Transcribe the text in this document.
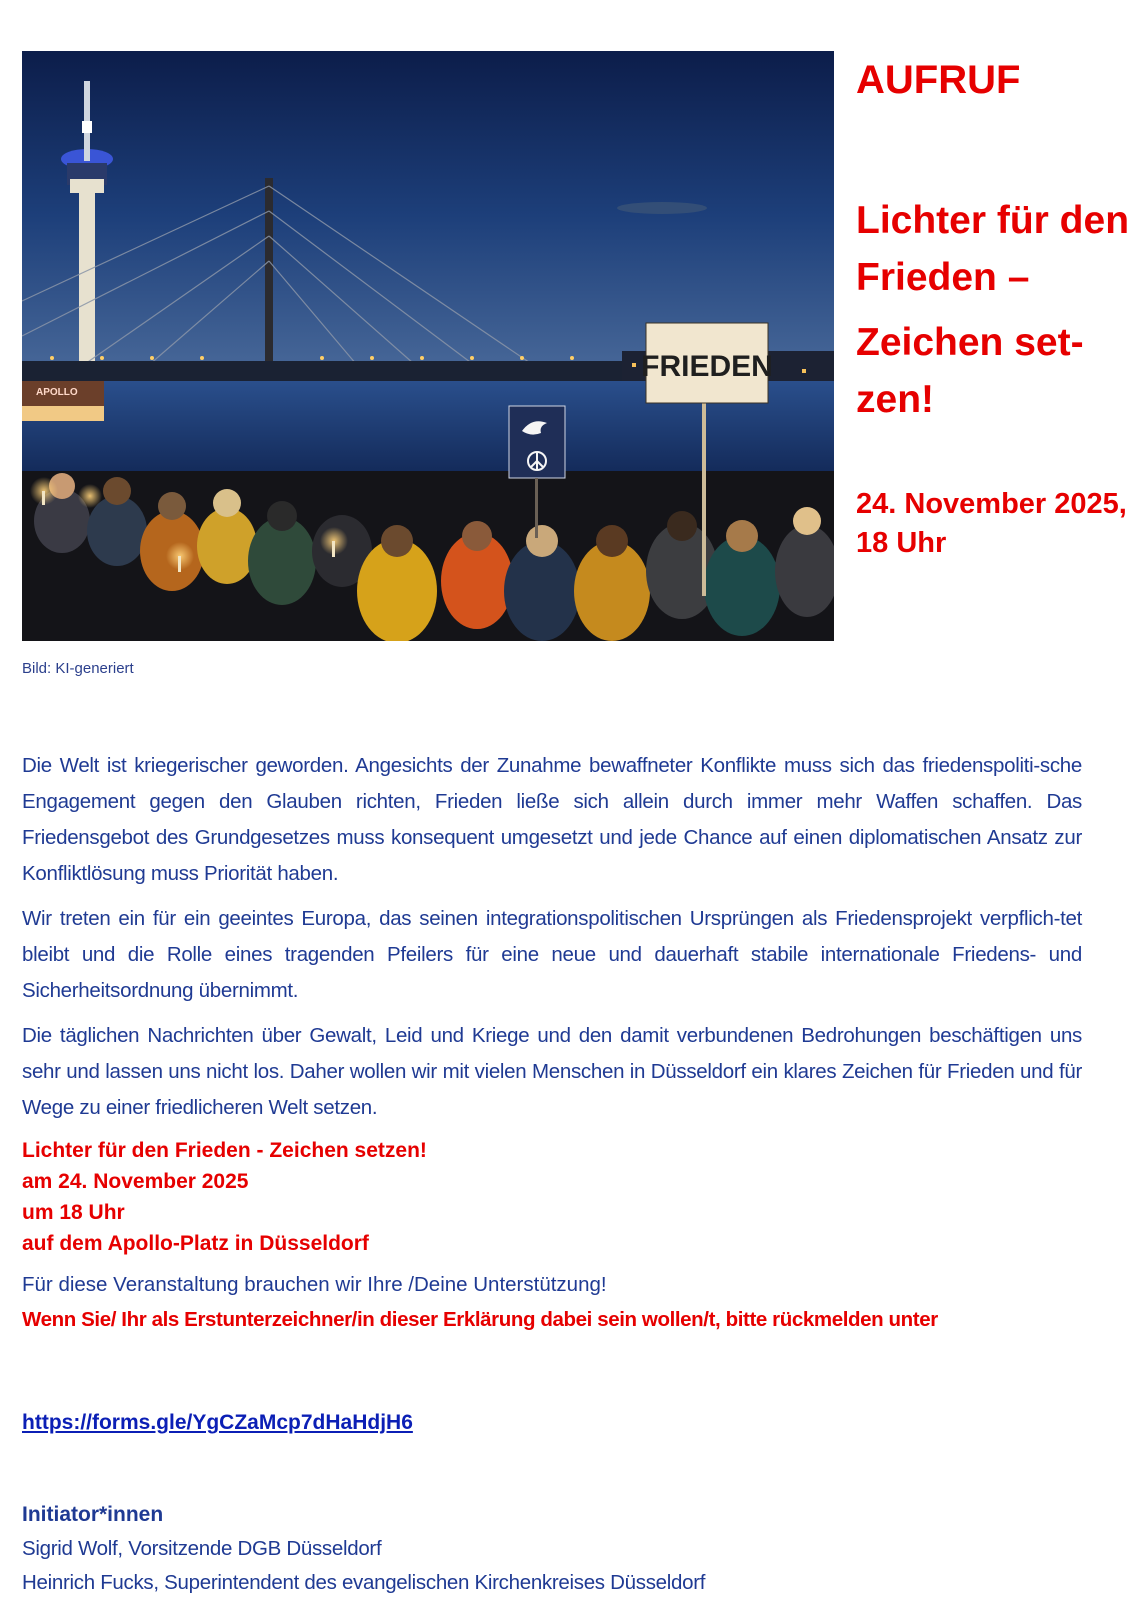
APOLLO
FRIEDEN

AUFRUF

Lichter für den

Frieden –

Zeichen set-

zen!

24. November 2025,

18 Uhr

Bild: KI-generiert

Die Welt ist kriegerischer geworden. Angesichts der Zunahme bewaffneter Konflikte muss sich das friedenspoliti-sche Engagement gegen den Glauben richten, Frieden ließe sich allein durch immer mehr Waffen schaffen. Das Friedensgebot des Grundgesetzes muss konsequent umgesetzt und jede Chance auf einen diplomatischen Ansatz zur Konfliktlösung muss Priorität haben.

Wir treten ein für ein geeintes Europa, das seinen integrationspolitischen Ursprüngen als Friedensprojekt verpflich-tet bleibt und die Rolle eines tragenden Pfeilers für eine neue und dauerhaft stabile internationale Friedens- und Sicherheitsordnung übernimmt.

Die täglichen Nachrichten über Gewalt, Leid und Kriege und den damit verbundenen Bedrohungen beschäftigen uns sehr und lassen uns nicht los. Daher wollen wir mit vielen Menschen in Düsseldorf ein klares Zeichen für Frieden und für Wege zu einer friedlicheren Welt setzen.

Lichter für den Frieden - Zeichen setzen!
am 24. November 2025
um 18 Uhr
auf dem Apollo-Platz in Düsseldorf

Für diese Veranstaltung brauchen wir Ihre /Deine Unterstützung!

Wenn Sie/ Ihr als Erstunterzeichner/in dieser Erklärung dabei sein wollen/t, bitte rückmelden unter

https://forms.gle/YgCZaMcp7dHaHdjH6

Initiator*innen

Sigrid Wolf, Vorsitzende DGB Düsseldorf

Heinrich Fucks, Superintendent des evangelischen Kirchenkreises Düsseldorf
